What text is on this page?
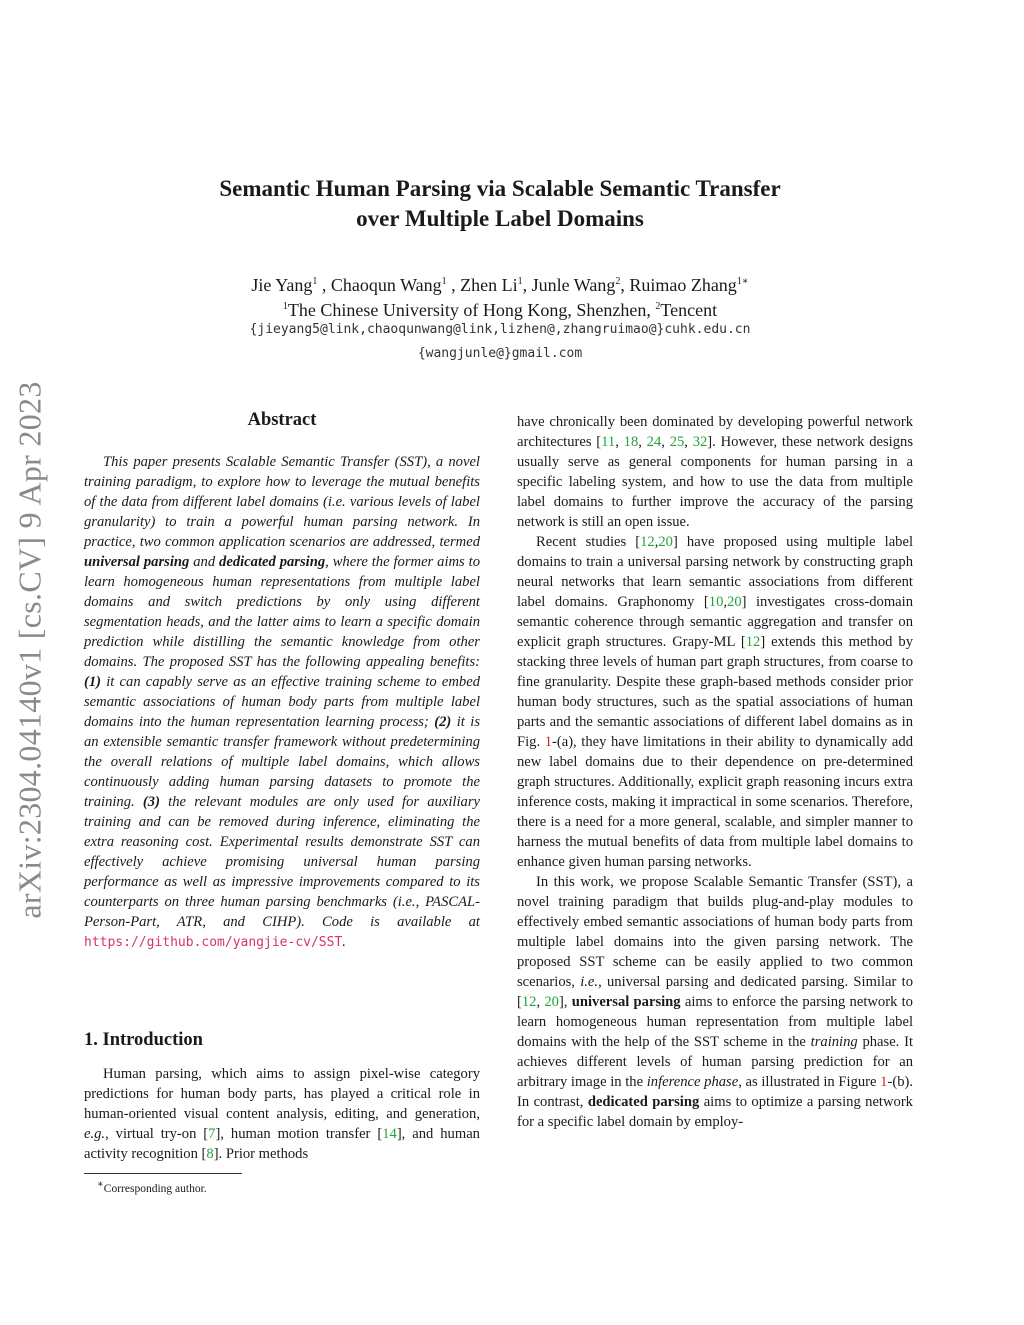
arXiv:2304.04140v1 [cs.CV] 9 Apr 2023
Semantic Human Parsing via Scalable Semantic Transfer
over Multiple Label Domains
Jie Yang$^1$ , Chaoqun Wang$^1$ , Zhen Li$^1$, Junle Wang$^2$, Ruimao Zhang$^{1∗}$
$^1$The Chinese University of Hong Kong, Shenzhen, $^2$Tencent
{jieyang5@link,chaoqunwang@link,lizhen@,zhangruimao@}cuhk.edu.cn
{wangjunle@}gmail.com
Abstract
This paper presents Scalable Semantic Transfer (SST), a novel training paradigm, to explore how to leverage the mutual benefits of the data from different label domains (i.e. various levels of label granularity) to train a powerful human parsing network. In practice, two common application scenarios are addressed, termed universal parsing and dedicated parsing, where the former aims to learn homogeneous human representations from multiple label domains and switch predictions by only using different segmentation heads, and the latter aims to learn a specific domain prediction while distilling the semantic knowledge from other domains. The proposed SST has the following appealing benefits: (1) it can capably serve as an effective training scheme to embed semantic associations of human body parts from multiple label domains into the human representation learning process; (2) it is an extensible semantic transfer framework without predetermining the overall relations of multiple label domains, which allows continuously adding human parsing datasets to promote the training. (3) the relevant modules are only used for auxiliary training and can be removed during inference, eliminating the extra reasoning cost. Experimental results demonstrate SST can effectively achieve promising universal human parsing performance as well as impressive improvements compared to its counterparts on three human parsing benchmarks (i.e., PASCAL-Person-Part, ATR, and CIHP). Code is available at https://github.com/yangjie-cv/SST.
1. Introduction
Human parsing, which aims to assign pixel-wise category predictions for human body parts, has played a critical role in human-oriented visual content analysis, editing, and generation, e.g., virtual try-on [7], human motion transfer [14], and human activity recognition [8]. Prior methods
∗Corresponding author.

have chronically been dominated by developing powerful network architectures [11, 18, 24, 25, 32]. However, these network designs usually serve as general components for human parsing in a specific labeling system, and how to use the data from multiple label domains to further improve the accuracy of the parsing network is still an open issue.

Recent studies [12,20] have proposed using multiple label domains to train a universal parsing network by constructing graph neural networks that learn semantic associations from different label domains. Graphonomy [10,20] investigates cross-domain semantic coherence through semantic aggregation and transfer on explicit graph structures. Grapy-ML [12] extends this method by stacking three levels of human part graph structures, from coarse to fine granularity. Despite these graph-based methods consider prior human body structures, such as the spatial associations of human parts and the semantic associations of different label domains as in Fig. 1-(a), they have limitations in their ability to dynamically add new label domains due to their dependence on pre-determined graph structures. Additionally, explicit graph reasoning incurs extra inference costs, making it impractical in some scenarios. Therefore, there is a need for a more general, scalable, and simpler manner to harness the mutual benefits of data from multiple label domains to enhance given human parsing networks.

In this work, we propose Scalable Semantic Transfer (SST), a novel training paradigm that builds plug-and-play modules to effectively embed semantic associations of human body parts from multiple label domains into the given parsing network. The proposed SST scheme can be easily applied to two common scenarios, i.e., universal parsing and dedicated parsing. Similar to [12, 20], universal parsing aims to enforce the parsing network to learn homogeneous human representation from multiple label domains with the help of the SST scheme in the training phase. It achieves different levels of human parsing prediction for an arbitrary image in the inference phase, as illustrated in Figure 1-(b). In contrast, dedicated parsing aims to optimize a parsing network for a specific label domain by employ-
